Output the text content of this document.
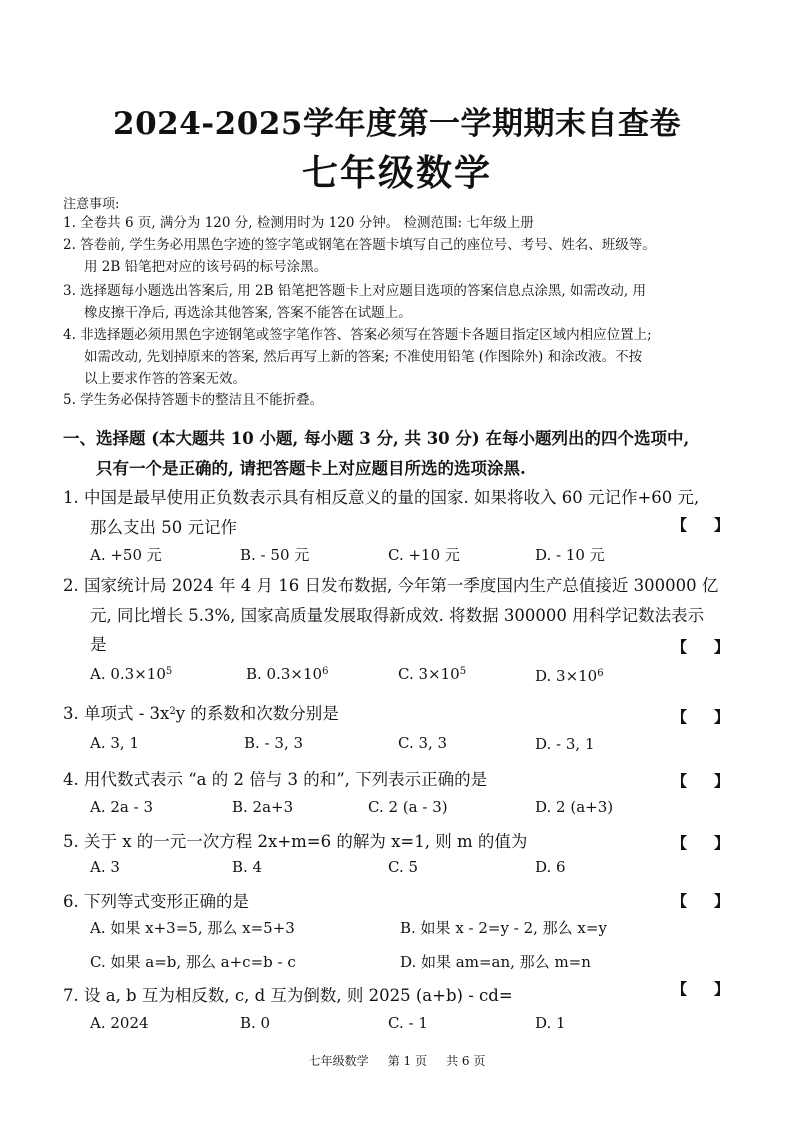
2024-2025学年度第一学期期末自查卷
七年级数学
注意事项:
1. 全卷共 6 页, 满分为 120 分, 检测用时为 120 分钟。 检测范围: 七年级上册
2. 答卷前, 学生务必用黑色字迹的签字笔或钢笔在答题卡填写自己的座位号、考号、姓名、班级等。
用 2B 铅笔把对应的该号码的标号涂黑。
3. 选择题每小题选出答案后, 用 2B 铅笔把答题卡上对应题目选项的答案信息点涂黑, 如需改动, 用
橡皮擦干净后, 再选涂其他答案, 答案不能答在试题上。
4. 非选择题必须用黑色字迹钢笔或签字笔作答、答案必须写在答题卡各题目指定区域内相应位置上;
如需改动, 先划掉原来的答案, 然后再写上新的答案; 不准使用铅笔 (作图除外) 和涂改液。不按
以上要求作答的答案无效。
5. 学生务必保持答题卡的整洁且不能折叠。
一、选择题 (本大题共 10 小题, 每小题 3 分, 共 30 分) 在每小题列出的四个选项中,
只有一个是正确的, 请把答题卡上对应题目所选的选项涂黑.
1. 中国是最早使用正负数表示具有相反意义的量的国家. 如果将收入 60 元记作+60 元,
那么支出 50 元记作	【 】
A. +50 元	B. - 50 元	C. +10 元	D. - 10 元
2. 国家统计局 2024 年 4 月 16 日发布数据, 今年第一季度国内生产总值接近 300000 亿
元, 同比增长 5.3%, 国家高质量发展取得新成效. 将数据 300000 用科学记数法表示
是	【 】
A. $0.3\times 10^5$	B. $0.3\times 10^6$	C. $3\times 10^5$	D. $3\times 10^6$
3. 单项式 - $3x^2y$ 的系数和次数分别是	【 】
A. 3, 1	B. - 3, 3	C. 3, 3	D. - 3, 1
4. 用代数式表示 “a 的 2 倍与 3 的和”, 下列表示正确的是	【 】
A. 2a - 3	B. 2a+3	C. 2 (a - 3)	D. 2 (a+3)
5. 关于 x 的一元一次方程 2x+m=6 的解为 x=1, 则 m 的值为	【 】
A. 3	B. 4	C. 5	D. 6
6. 下列等式变形正确的是	【 】
A. 如果 x+3=5, 那么 x=5+3	B. 如果 x - 2=y - 2, 那么 x=y
C. 如果 a=b, 那么 a+c=b - c	D. 如果 am=an, 那么 m=n
7. 设 a, b 互为相反数, c, d 互为倒数, 则 2025 (a+b) - cd=	【 】
A. 2024	B. 0	C. - 1	D. 1
七年级数学 第 1 页 共 6 页
